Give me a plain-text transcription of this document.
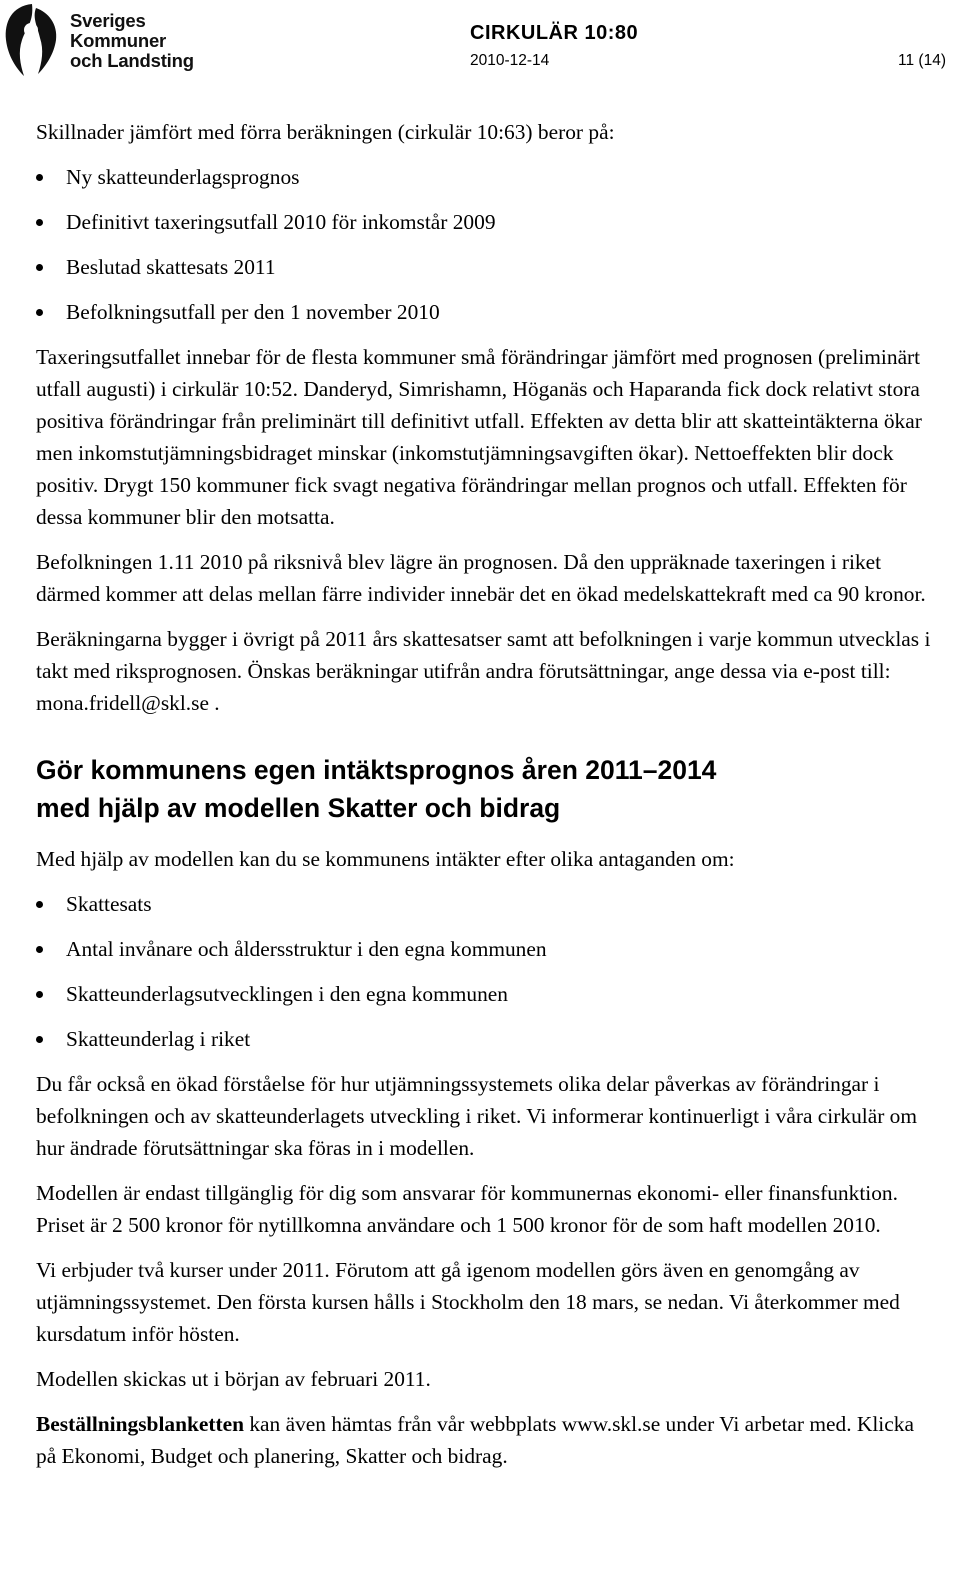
Sveriges
Kommuner
och Landsting
CIRKULÄR 10:80
2010-12-14	11 (14)

Skillnader jämfört med förra beräkningen (cirkulär 10:63) beror på:

Ny skatteunderlagsprognos
Definitivt taxeringsutfall 2010 för inkomstår 2009
Beslutad skattesats 2011
Befolkningsutfall per den 1 november 2010

Taxeringsutfallet innebar för de flesta kommuner små förändringar jämfört med prognosen (preliminärt utfall augusti) i cirkulär 10:52. Danderyd, Simrishamn, Höganäs och Haparanda fick dock relativt stora positiva förändringar från preliminärt till definitivt utfall. Effekten av detta blir att skatteintäkterna ökar men inkomstutjämningsbidraget minskar (inkomstutjämningsavgiften ökar). Nettoeffekten blir dock positiv. Drygt 150 kommuner fick svagt negativa förändringar mellan prognos och utfall. Effekten för dessa kommuner blir den motsatta.

Befolkningen 1.11 2010 på riksnivå blev lägre än prognosen. Då den uppräknade taxeringen i riket därmed kommer att delas mellan färre individer innebär det en ökad medelskattekraft med ca 90 kronor.

Beräkningarna bygger i övrigt på 2011 års skattesatser samt att befolkningen i varje kommun utvecklas i takt med riksprognosen. Önskas beräkningar utifrån andra förutsättningar, ange dessa via e-post till: mona.fridell@skl.se .

Gör kommunens egen intäktsprognos åren 2011–2014
med hjälp av modellen Skatter och bidrag

Med hjälp av modellen kan du se kommunens intäkter efter olika antaganden om:

Skattesats
Antal invånare och åldersstruktur i den egna kommunen
Skatteunderlagsutvecklingen i den egna kommunen
Skatteunderlag i riket

Du får också en ökad förståelse för hur utjämningssystemets olika delar påverkas av förändringar i befolkningen och av skatteunderlagets utveckling i riket. Vi informerar kontinuerligt i våra cirkulär om hur ändrade förutsättningar ska föras in i modellen.

Modellen är endast tillgänglig för dig som ansvarar för kommunernas ekonomi- eller finansfunktion. Priset är 2 500 kronor för nytillkomna användare och 1 500 kronor för de som haft modellen 2010.

Vi erbjuder två kurser under 2011. Förutom att gå igenom modellen görs även en genomgång av utjämningssystemet. Den första kursen hålls i Stockholm den 18 mars, se nedan. Vi återkommer med kursdatum inför hösten.

Modellen skickas ut i början av februari 2011.

Beställningsblanketten kan även hämtas från vår webbplats www.skl.se under Vi arbetar med. Klicka på Ekonomi, Budget och planering, Skatter och bidrag.
